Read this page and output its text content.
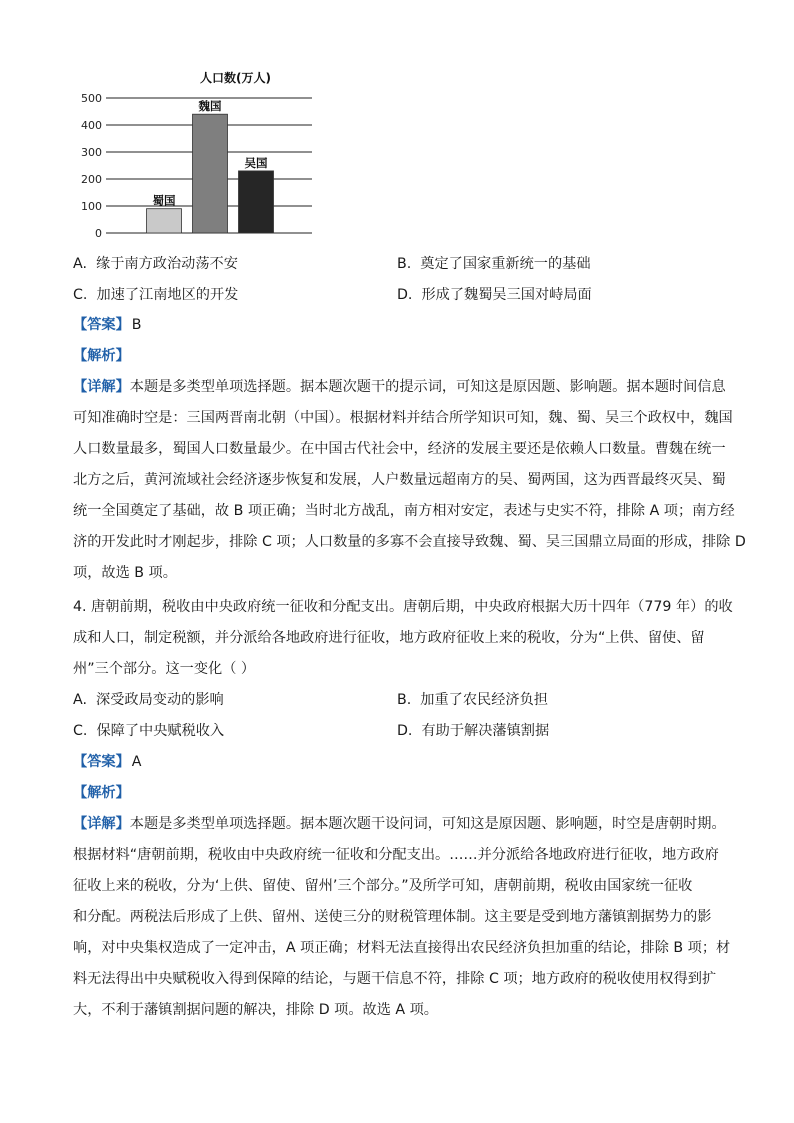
人口数(万人)
0
100
200
300
400
500
蜀国
魏国
吴国
A. 缘于南方政治动荡不安	B. 奠定了国家重新统一的基础
C. 加速了江南地区的开发	D. 形成了魏蜀吴三国对峙局面
【答案】 B
【解析】
【详解】本题是多类型单项选择题。据本题次题干的提示词，可知这是原因题、影响题。据本题时间信息
可知准确时空是：三国两晋南北朝（中国）。根据材料并结合所学知识可知，魏、蜀、吴三个政权中，魏国
人口数量最多，蜀国人口数量最少。在中国古代社会中，经济的发展主要还是依赖人口数量。曹魏在统一
北方之后，黄河流域社会经济逐步恢复和发展，人户数量远超南方的吴、蜀两国，这为西晋最终灭吴、蜀
统一全国奠定了基础，故 B 项正确；当时北方战乱，南方相对安定，表述与史实不符，排除 A 项；南方经
济的开发此时才刚起步，排除 C 项；人口数量的多寡不会直接导致魏、蜀、吴三国鼎立局面的形成，排除 D
项，故选 B 项。
4. 唐朝前期，税收由中央政府统一征收和分配支出。唐朝后期，中央政府根据大历十四年（779 年）的收
成和人口，制定税额，并分派给各地政府进行征收，地方政府征收上来的税收，分为“上供、留使、留
州”三个部分。这一变化（ ）
A. 深受政局变动的影响	B. 加重了农民经济负担
C. 保障了中央赋税收入	D. 有助于解决藩镇割据
【答案】 A
【解析】
【详解】本题是多类型单项选择题。据本题次题干设问词，可知这是原因题、影响题，时空是唐朝时期。
根据材料“唐朝前期，税收由中央政府统一征收和分配支出。……并分派给各地政府进行征收，地方政府
征收上来的税收，分为‘上供、留使、留州’三个部分。”及所学可知，唐朝前期，税收由国家统一征收
和分配。两税法后形成了上供、留州、送使三分的财税管理体制。这主要是受到地方藩镇割据势力的影
响，对中央集权造成了一定冲击，A 项正确；材料无法直接得出农民经济负担加重的结论，排除 B 项；材
料无法得出中央赋税收入得到保障的结论，与题干信息不符，排除 C 项；地方政府的税收使用权得到扩
大，不利于藩镇割据问题的解决，排除 D 项。故选 A 项。
